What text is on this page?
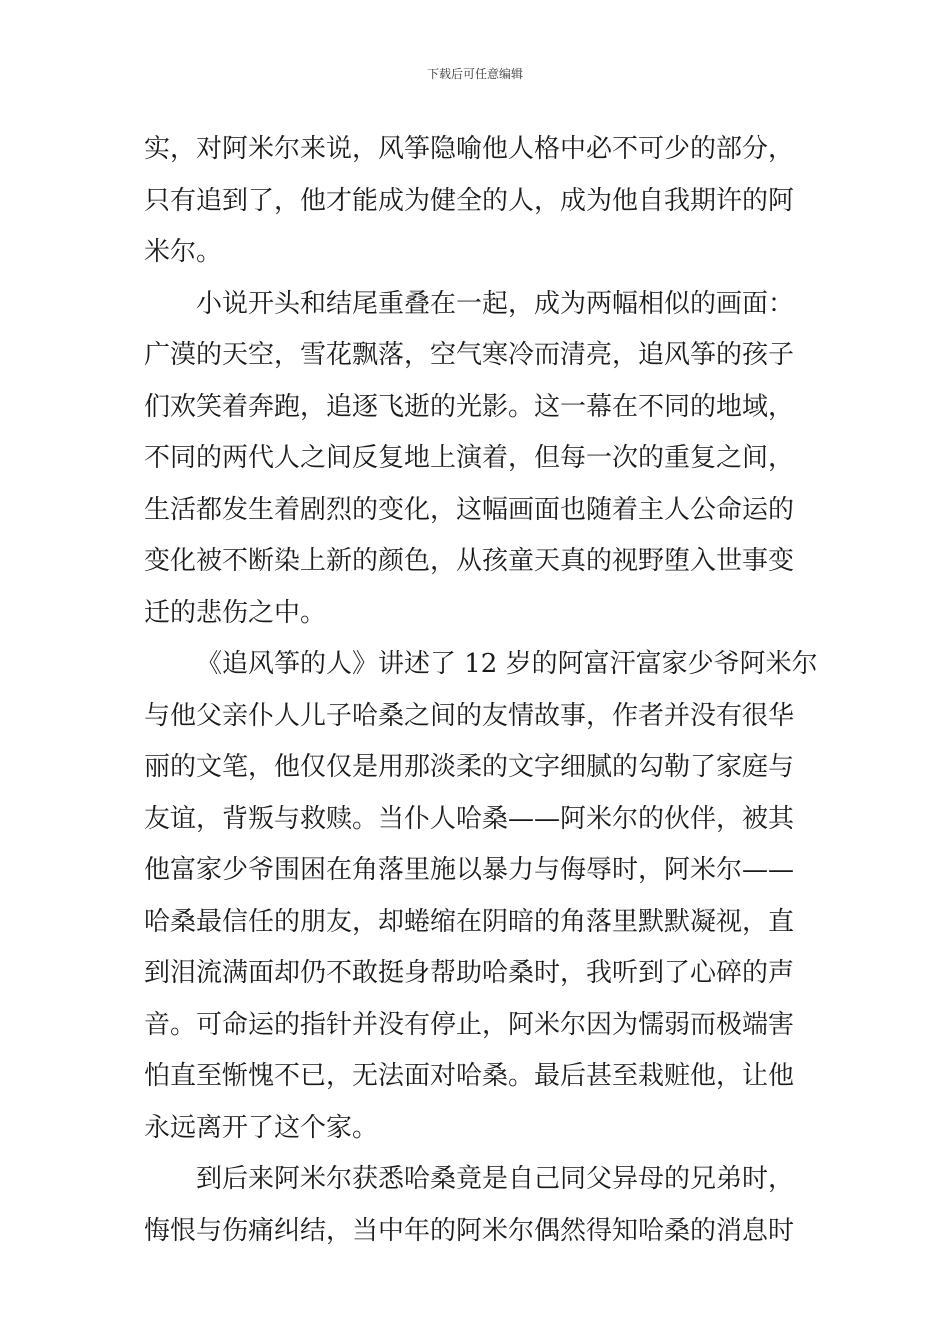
下载后可任意编辑
实，对阿米尔来说，风筝隐喻他人格中必不可少的部分，
只有追到了，他才能成为健全的人，成为他自我期许的阿
米尔。
小说开头和结尾重叠在一起，成为两幅相似的画面：
广漠的天空，雪花飘落，空气寒冷而清亮，追风筝的孩子
们欢笑着奔跑，追逐飞逝的光影。这一幕在不同的地域，
不同的两代人之间反复地上演着，但每一次的重复之间，
生活都发生着剧烈的变化，这幅画面也随着主人公命运的
变化被不断染上新的颜色，从孩童天真的视野堕入世事变
迁的悲伤之中。
《追风筝的人》讲述了 12 岁的阿富汗富家少爷阿米尔
与他父亲仆人儿子哈桑之间的友情故事，作者并没有很华
丽的文笔，他仅仅是用那淡柔的文字细腻的勾勒了家庭与
友谊，背叛与救赎。当仆人哈桑——阿米尔的伙伴，被其
他富家少爷围困在角落里施以暴力与侮辱时，阿米尔——
哈桑最信任的朋友，却蜷缩在阴暗的角落里默默凝视，直
到泪流满面却仍不敢挺身帮助哈桑时，我听到了心碎的声
音。可命运的指针并没有停止，阿米尔因为懦弱而极端害
怕直至惭愧不已，无法面对哈桑。最后甚至栽赃他，让他
永远离开了这个家。
到后来阿米尔获悉哈桑竟是自己同父异母的兄弟时，
悔恨与伤痛纠结，当中年的阿米尔偶然得知哈桑的消息时
